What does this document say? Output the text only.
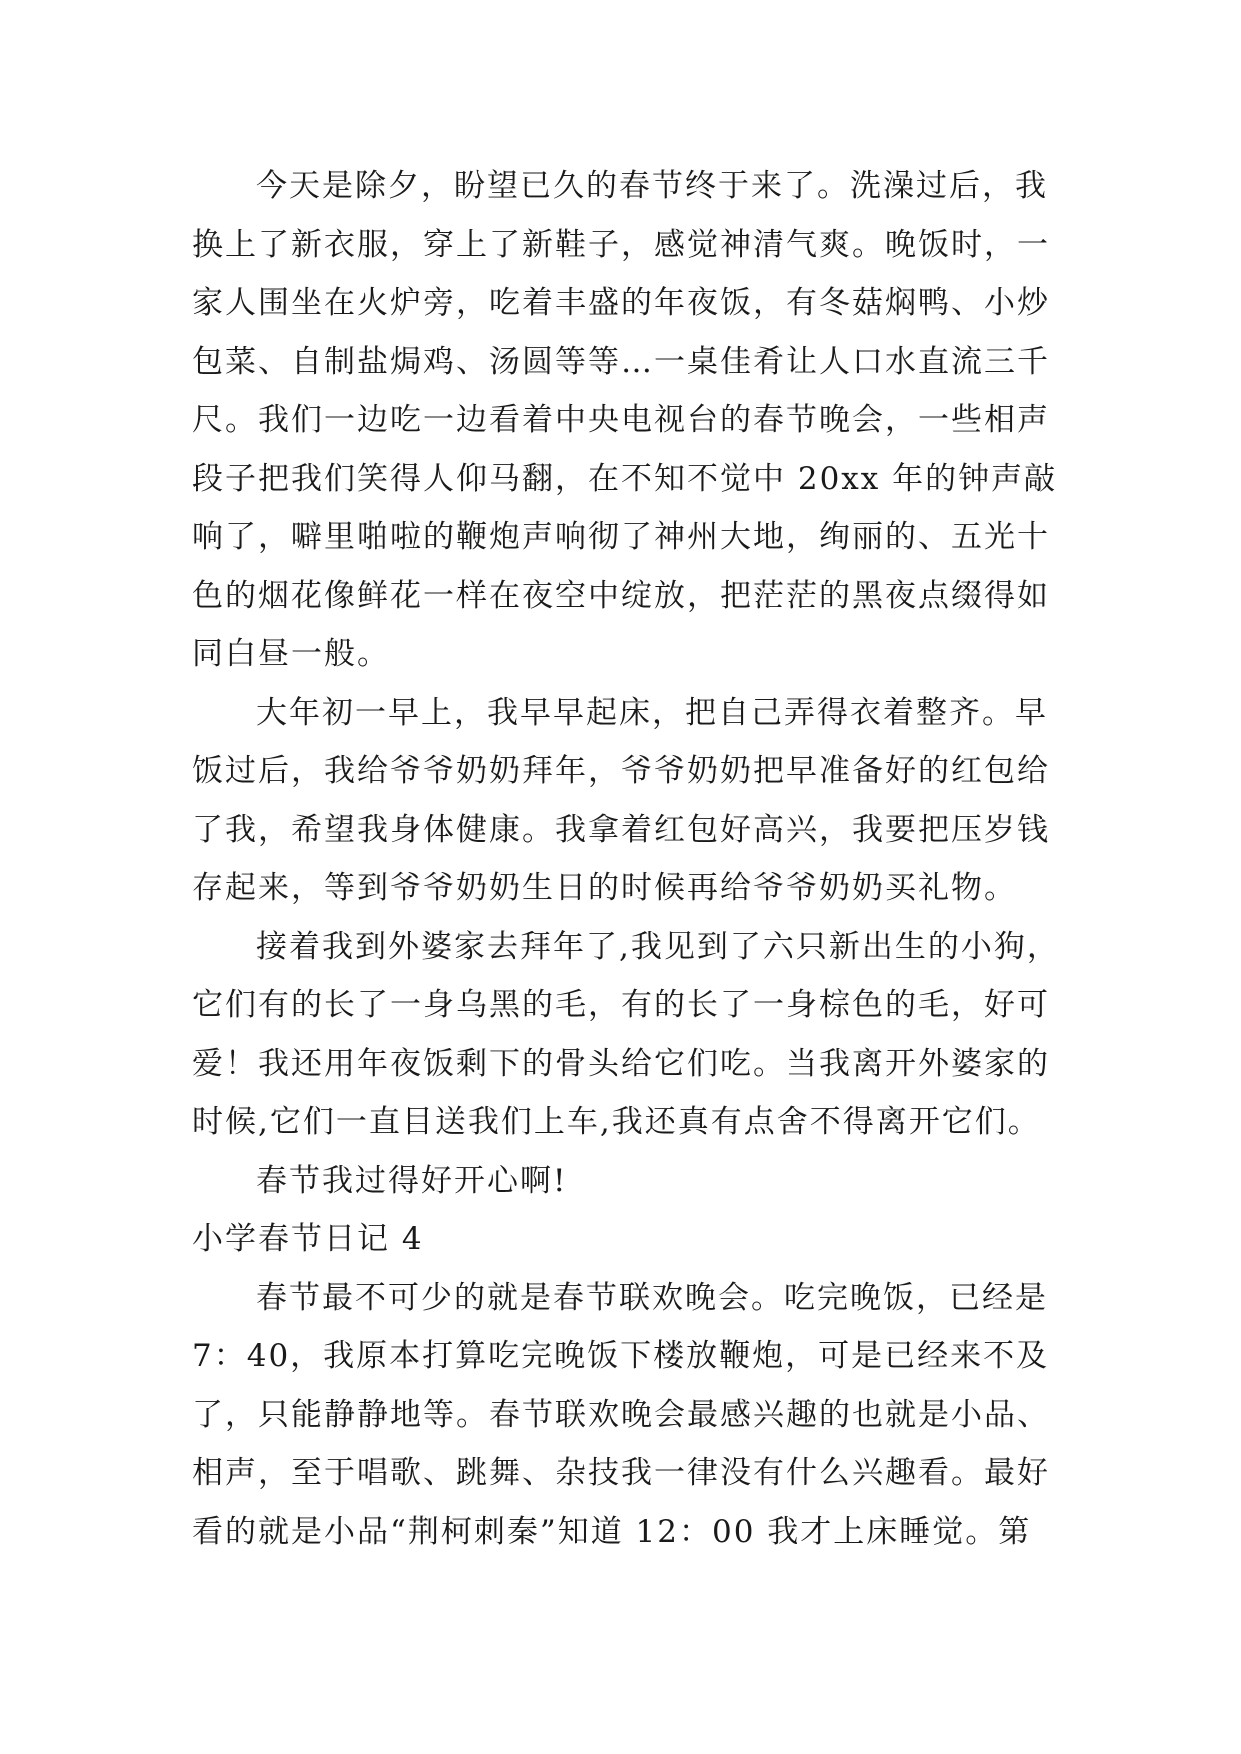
今天是除夕，盼望已久的春节终于来了。洗澡过后，我
换上了新衣服，穿上了新鞋子，感觉神清气爽。晚饭时，一
家人围坐在火炉旁，吃着丰盛的年夜饭，有冬菇焖鸭、小炒
包菜、自制盐焗鸡、汤圆等等…一桌佳肴让人口水直流三千
尺。我们一边吃一边看着中央电视台的春节晚会，一些相声
段子把我们笑得人仰马翻，在不知不觉中 20xx 年的钟声敲
响了，噼里啪啦的鞭炮声响彻了神州大地，绚丽的、五光十
色的烟花像鲜花一样在夜空中绽放，把茫茫的黑夜点缀得如
同白昼一般。
大年初一早上，我早早起床，把自己弄得衣着整齐。早
饭过后，我给爷爷奶奶拜年，爷爷奶奶把早准备好的红包给
了我，希望我身体健康。我拿着红包好高兴，我要把压岁钱
存起来，等到爷爷奶奶生日的时候再给爷爷奶奶买礼物。
接着我到外婆家去拜年了,我见到了六只新出生的小狗，
它们有的长了一身乌黑的毛，有的长了一身棕色的毛，好可
爱！我还用年夜饭剩下的骨头给它们吃。当我离开外婆家的
时候,它们一直目送我们上车,我还真有点舍不得离开它们。
春节我过得好开心啊!
小学春节日记 4
春节最不可少的就是春节联欢晚会。吃完晚饭，已经是
7：40，我原本打算吃完晚饭下楼放鞭炮，可是已经来不及
了，只能静静地等。春节联欢晚会最感兴趣的也就是小品、
相声，至于唱歌、跳舞、杂技我一律没有什么兴趣看。最好
看的就是小品“荆柯刺秦”知道 12：00 我才上床睡觉。第
